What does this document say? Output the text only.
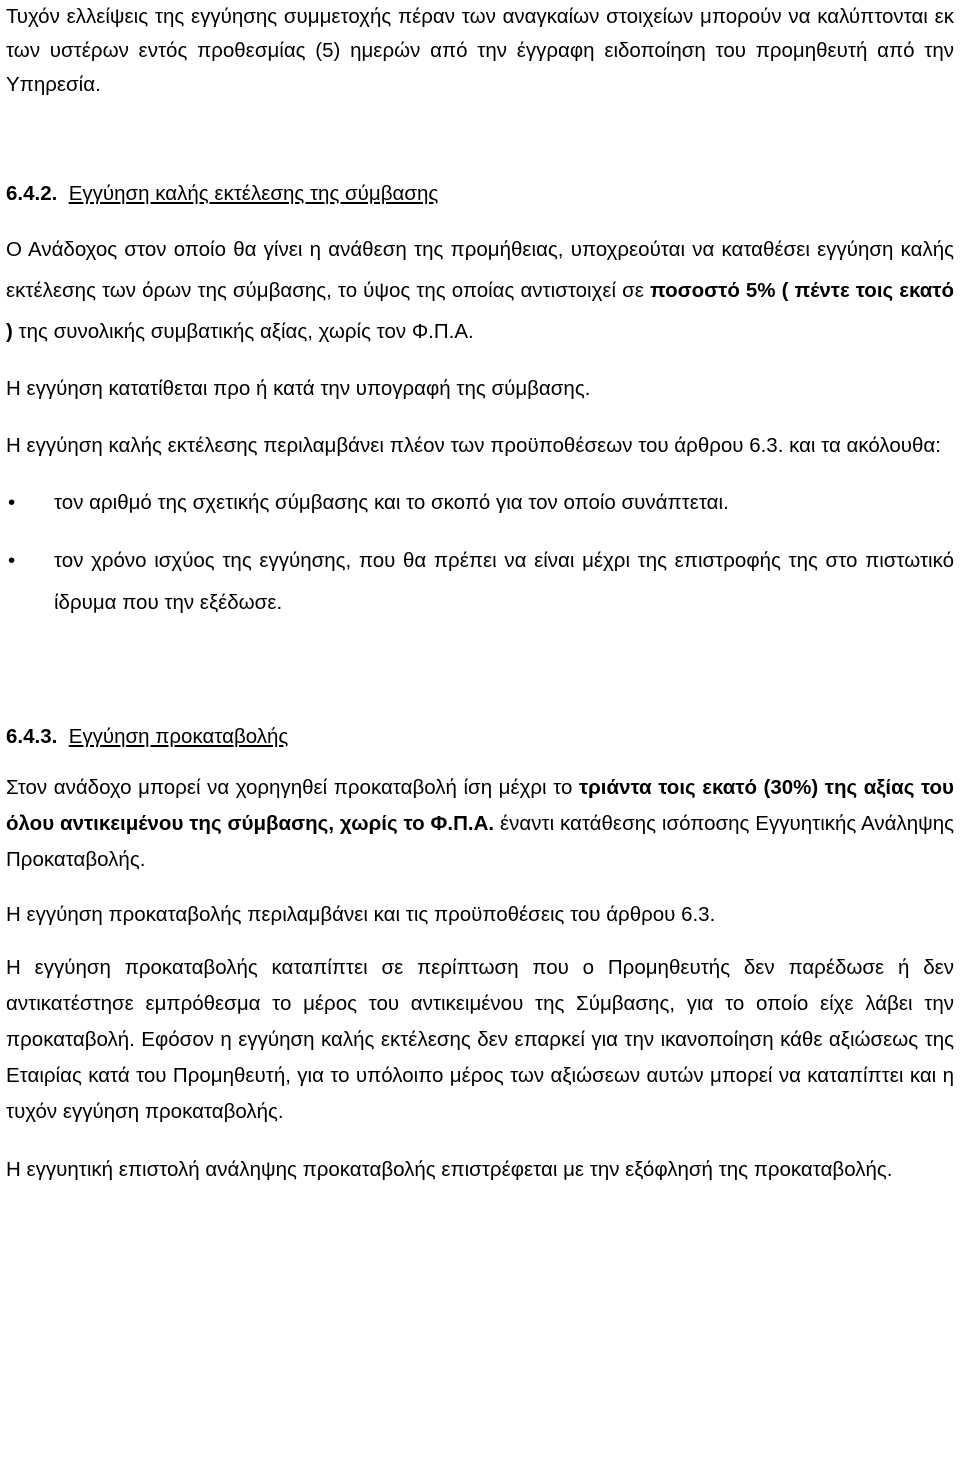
Τυχόν ελλείψεις της εγγύησης συμμετοχής πέραν των αναγκαίων στοιχείων μπορούν να καλύπτονται εκ των υστέρων εντός προθεσμίας (5) ημερών από την έγγραφη ειδοποίηση του προμηθευτή από την Υπηρεσία.

6.4.2. Εγγύηση καλής εκτέλεσης της σύμβασης

Ο Ανάδοχος στον οποίο θα γίνει η ανάθεση της προμήθειας, υποχρεούται να καταθέσει εγγύηση καλής εκτέλεσης των όρων της σύμβασης, το ύψος της οποίας αντιστοιχεί σε ποσοστό 5% ( πέντε τοις εκατό ) της συνολικής συμβατικής αξίας, χωρίς τον Φ.Π.Α.

Η εγγύηση κατατίθεται προ ή κατά την υπογραφή της σύμβασης.

Η εγγύηση καλής εκτέλεσης περιλαμβάνει πλέον των προϋποθέσεων του άρθρου 6.3. και τα ακόλουθα:

• τον αριθμό της σχετικής σύμβασης και το σκοπό για τον οποίο συνάπτεται.
• τον χρόνο ισχύος της εγγύησης, που θα πρέπει να είναι μέχρι της επιστροφής της στο πιστωτικό ίδρυμα που την εξέδωσε.

6.4.3. Εγγύηση προκαταβολής

Στον ανάδοχο μπορεί να χορηγηθεί προκαταβολή ίση μέχρι το τριάντα τοις εκατό (30%) της αξίας του όλου αντικειμένου της σύμβασης, χωρίς το Φ.Π.Α. έναντι κατάθεσης ισόποσης Εγγυητικής Ανάληψης Προκαταβολής.

Η εγγύηση προκαταβολής περιλαμβάνει και τις προϋποθέσεις του άρθρου 6.3.

Η εγγύηση προκαταβολής καταπίπτει σε περίπτωση που ο Προμηθευτής δεν παρέδωσε ή δεν αντικατέστησε εμπρόθεσμα το μέρος του αντικειμένου της Σύμβασης, για το οποίο είχε λάβει την προκαταβολή. Εφόσον η εγγύηση καλής εκτέλεσης δεν επαρκεί για την ικανοποίηση κάθε αξιώσεως της Εταιρίας κατά του Προμηθευτή, για το υπόλοιπο μέρος των αξιώσεων αυτών μπορεί να καταπίπτει και η τυχόν εγγύηση προκαταβολής.

Η εγγυητική επιστολή ανάληψης προκαταβολής επιστρέφεται με την εξόφλησή της προκαταβολής.
